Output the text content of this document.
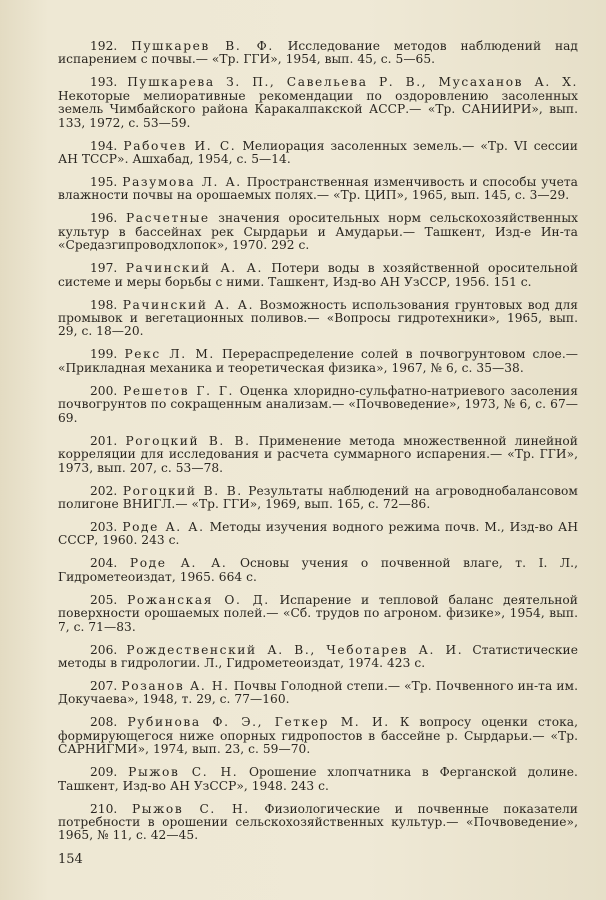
192. Пушкарев В. Ф. Исследование методов наблюдений над испарением с почвы.— «Тр. ГГИ», 1954, вып. 45, с. 5—65.

193. Пушкарева З. П., Савельева Р. В., Мусаханов А. Х. Некоторые мелиоративные рекомендации по оздоровлению засоленных земель Чимбайского района Каракалпакской АССР.— «Тр. САНИИРИ», вып. 133, 1972, с. 53—59.

194. Рабочев И. С. Мелиорация засоленных земель.— «Тр. VI сессии АН ТССР». Ашхабад, 1954, с. 5—14.

195. Разумова Л. А. Пространственная изменчивость и способы учета влажности почвы на орошаемых полях.— «Тр. ЦИП», 1965, вып. 145, с. 3—29.

196. Расчетные значения оросительных норм сельскохозяйственных культур в бассейнах рек Сырдарьи и Амударьи.— Ташкент, Изд-е Ин-та «Средазгипроводхлопок», 1970. 292 с.

197. Рачинский А. А. Потери воды в хозяйственной оросительной системе и меры борьбы с ними. Ташкент, Изд-во АН УзССР, 1956. 151 с.

198. Рачинский А. А. Возможность использования грунтовых вод для промывок и вегетационных поливов.— «Вопросы гидротехники», 1965, вып. 29, с. 18—20.

199. Рекс Л. М. Перераспределение солей в почвогрунтовом слое.— «Прикладная механика и теоретическая физика», 1967, № 6, с. 35—38.

200. Решетов Г. Г. Оценка хлоридно-сульфатно-натриевого засоления почвогрунтов по сокращенным анализам.— «Почвоведение», 1973, № 6, с. 67—69.

201. Рогоцкий В. В. Применение метода множественной линейной корреляции для исследования и расчета суммарного испарения.— «Тр. ГГИ», 1973, вып. 207, с. 53—78.

202. Рогоцкий В. В. Результаты наблюдений на агроводнобалансовом полигоне ВНИГЛ.— «Тр. ГГИ», 1969, вып. 165, с. 72—86.

203. Роде А. А. Методы изучения водного режима почв. М., Изд-во АН СССР, 1960. 243 с.

204. Роде А. А. Основы учения о почвенной влаге, т. I. Л., Гидрометеоиздат, 1965. 664 с.

205. Рожанская О. Д. Испарение и тепловой баланс деятельной поверхности орошаемых полей.— «Сб. трудов по агроном. физике», 1954, вып. 7, с. 71—83.

206. Рождественский А. В., Чеботарев А. И. Статистические методы в гидрологии. Л., Гидрометеоиздат, 1974. 423 с.

207. Розанов А. Н. Почвы Голодной степи.— «Тр. Почвенного ин-та им. Докучаева», 1948, т. 29, с. 77—160.

208. Рубинова Ф. Э., Геткер М. И. К вопросу оценки стока, формирующегося ниже опорных гидропостов в бассейне р. Сырдарьи.— «Тр. САРНИГМИ», 1974, вып. 23, с. 59—70.

209. Рыжов С. Н. Орошение хлопчатника в Ферганской долине. Ташкент, Изд-во АН УзССР», 1948. 243 с.

210. Рыжов С. Н. Физиологические и почвенные показатели потребности в орошении сельскохозяйственных культур.— «Почвоведение», 1965, № 11, с. 42—45.

154
